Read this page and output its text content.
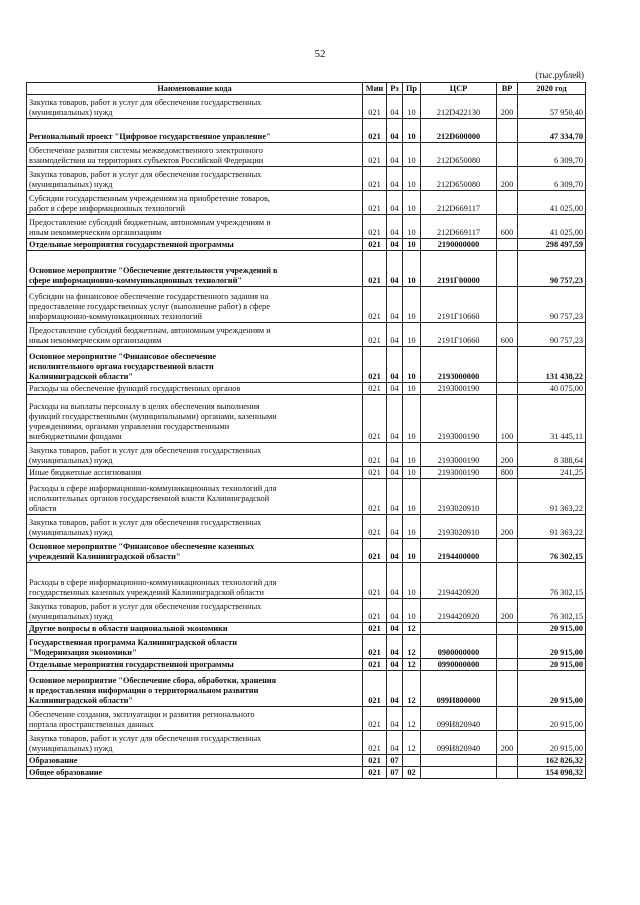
52
(тыс.рублей)
Наименование кода	Мин	Рз	Пр	ЦСР	ВР	2020 год
Закупка товаров, работ и услуг для обеспечения государственных
(муниципальных) нужд	021	04	10	212D422130	200	57 950,40

Региональный проект "Цифровое государственное управление"	021	04	10	212D600000		47 334,70
Обеспечение развития системы межведомственного электронного
взаимодействия на территориях субъектов Российской Федерации	021	04	10	212D650080		6 309,70
Закупка товаров, работ и услуг для обеспечения государственных
(муниципальных) нужд	021	04	10	212D650080	200	6 309,70
Субсидии государственным учреждениям на приобретение товаров,
работ в сфере информационных технологий	021	04	10	212D669117		41 025,00
Предоставление субсидий бюджетным, автономным учреждениям и
иным некоммерческим организациям	021	04	10	212D669117	600	41 025,00
Отдельные мероприятия государственной программы	021	04	10	2190000000		298 497,59

Основное мероприятие "Обеспечение деятельности учреждений в
сфере информационно-коммуникационных технологий"	021	04	10	2191Г00000		90 757,23
Субсидии на финансовое обеспечение государственного задания на
предоставление государственных услуг (выполнение работ) в сфере
информационно-коммуникационных технологий	021	04	10	2191Г10660		90 757,23
Предоставление субсидий бюджетным, автономным учреждениям и
иным некоммерческим организациям	021	04	10	2191Г10660	600	90 757,23
Основное мероприятие "Финансовое обеспечение
исполнительного органа государственной власти
Калининградской области"	021	04	10	2193000000		131 438,22
Расходы на обеспечение функций государственных органов	021	04	10	2193000190		40 075,00
Расходы на выплаты персоналу в целях обеспечения выполнения
функций государственными (муниципальными) органами, казенными
учреждениями, органами управления государственными
внебюджетными фондами	021	04	10	2193000190	100	31 445,11
Закупка товаров, работ и услуг для обеспечения государственных
(муниципальных) нужд	021	04	10	2193000190	200	8 388,64
Иные бюджетные ассигнования	021	04	10	2193000190	800	241,25
Расходы в сфере информационно-коммуникационных технологий для
исполнительных органов государственной власти Калининградской
области	021	04	10	2193020910		91 363,22
Закупка товаров, работ и услуг для обеспечения государственных
(муниципальных) нужд	021	04	10	2193020910	200	91 363,22
Основное мероприятие "Финансовое обеспечение казенных
учреждений Калининградской области"	021	04	10	2194400000		76 302,15

Расходы в сфере информационно-коммуникационных технологий для
государственных казенных учреждений Калининградской области	021	04	10	2194420920		76 302,15
Закупка товаров, работ и услуг для обеспечения государственных
(муниципальных) нужд	021	04	10	2194420920	200	76 302,15
Другие вопросы в области национальной экономики	021	04	12			20 915,00
Государственная программа Калининградской области
"Модернизация экономики"	021	04	12	0900000000		20 915,00
Отдельные мероприятия государственной программы	021	04	12	0990000000		20 915,00
Основное мероприятие "Обеспечение сбора, обработки, хранения
и предоставления информации о территориальном развитии
Калининградской области"	021	04	12	099И800000		20 915,00
Обеспечение создания, эксплуатации и развития регионального
портала пространственных данных	021	04	12	099И820940		20 915,00
Закупка товаров, работ и услуг для обеспечения государственных
(муниципальных) нужд	021	04	12	099И820940	200	20 915,00
Образование	021	07				162 826,32
Общее образование	021	07	02			154 098,32
